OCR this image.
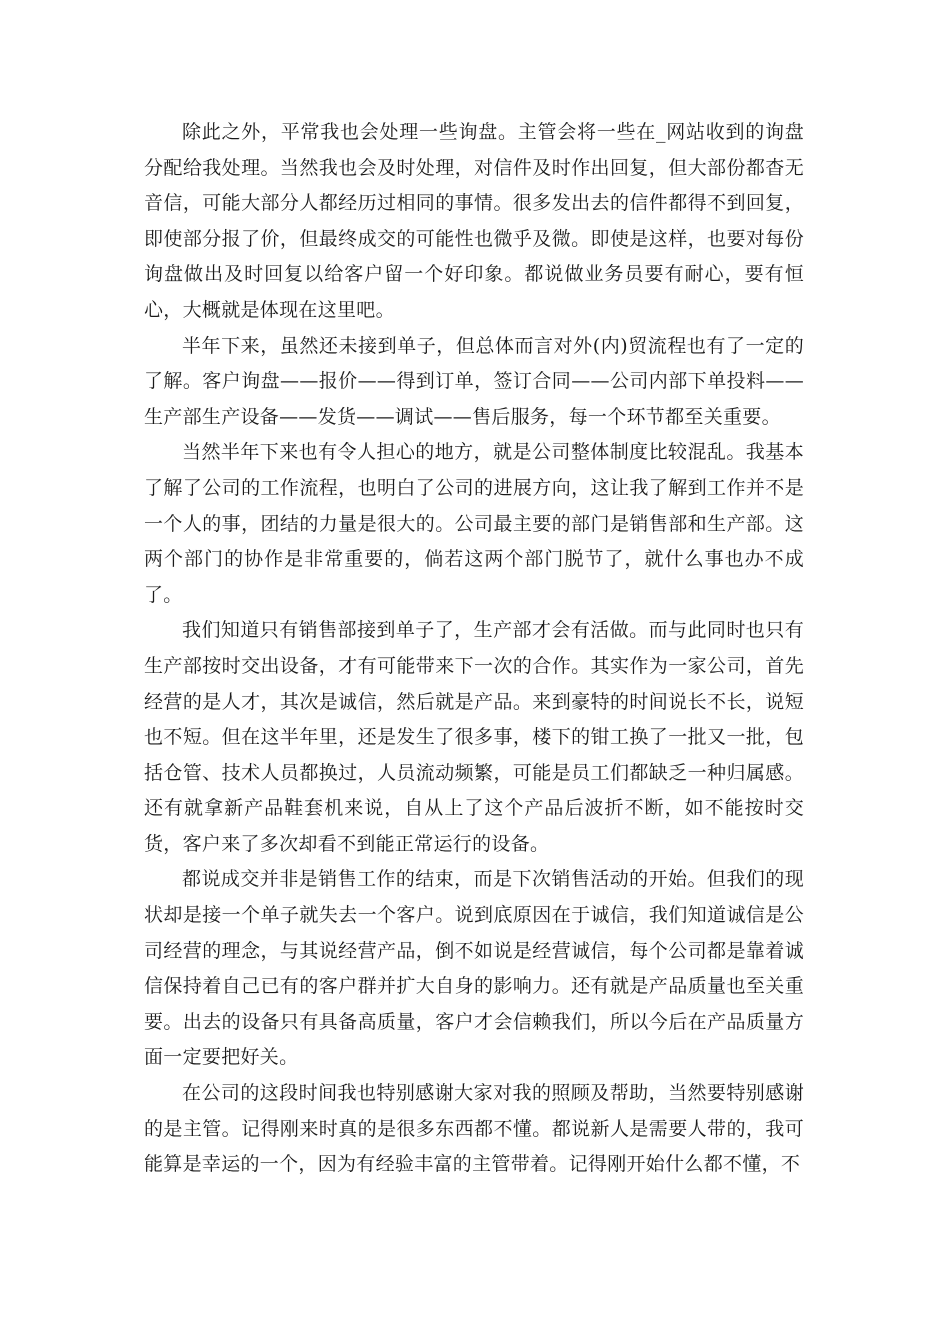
除此之外，平常我也会处理一些询盘。主管会将一些在_网站收到的询盘分配给我处理。当然我也会及时处理，对信件及时作出回复，但大部份都杳无音信，可能大部分人都经历过相同的事情。很多发出去的信件都得不到回复，即使部分报了价，但最终成交的可能性也微乎及微。即使是这样，也要对每份询盘做出及时回复以给客户留一个好印象。都说做业务员要有耐心，要有恒心，大概就是体现在这里吧。

半年下来，虽然还未接到单子，但总体而言对外(内)贸流程也有了一定的了解。客户询盘——报价——得到订单，签订合同——公司内部下单投料——生产部生产设备——发货——调试——售后服务，每一个环节都至关重要。

当然半年下来也有令人担心的地方，就是公司整体制度比较混乱。我基本了解了公司的工作流程，也明白了公司的进展方向，这让我了解到工作并不是一个人的事，团结的力量是很大的。公司最主要的部门是销售部和生产部。这两个部门的协作是非常重要的，倘若这两个部门脱节了，就什么事也办不成了。

我们知道只有销售部接到单子了，生产部才会有活做。而与此同时也只有生产部按时交出设备，才有可能带来下一次的合作。其实作为一家公司，首先经营的是人才，其次是诚信，然后就是产品。来到豪特的时间说长不长，说短也不短。但在这半年里，还是发生了很多事，楼下的钳工换了一批又一批，包括仓管、技术人员都换过，人员流动频繁，可能是员工们都缺乏一种归属感。还有就拿新产品鞋套机来说，自从上了这个产品后波折不断，如不能按时交货，客户来了多次却看不到能正常运行的设备。

都说成交并非是销售工作的结束，而是下次销售活动的开始。但我们的现状却是接一个单子就失去一个客户。说到底原因在于诚信，我们知道诚信是公司经营的理念，与其说经营产品，倒不如说是经营诚信，每个公司都是靠着诚信保持着自己已有的客户群并扩大自身的影响力。还有就是产品质量也至关重要。出去的设备只有具备高质量，客户才会信赖我们，所以今后在产品质量方面一定要把好关。

在公司的这段时间我也特别感谢大家对我的照顾及帮助，当然要特别感谢的是主管。记得刚来时真的是很多东西都不懂。都说新人是需要人带的，我可能算是幸运的一个，因为有经验丰富的主管带着。记得刚开始什么都不懂，不
